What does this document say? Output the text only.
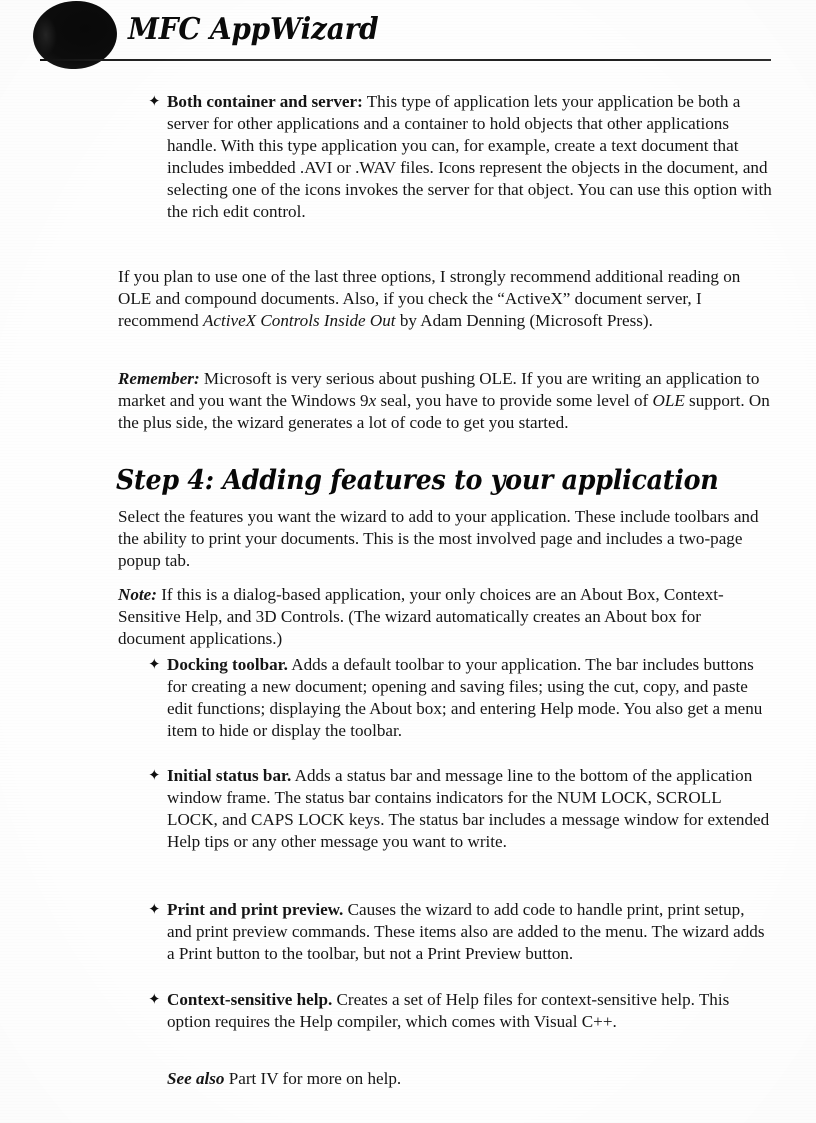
MFC AppWizard
✦ Both container and server: This type of application lets your application be both a server for other applications and a container to hold objects that other applications handle. With this type application you can, for example, create a text document that includes imbedded .AVI or .WAV files. Icons represent the objects in the document, and selecting one of the icons invokes the server for that object. You can use this option with the rich edit control.
If you plan to use one of the last three options, I strongly recommend additional reading on OLE and compound documents. Also, if you check the “ActiveX” document server, I recommend ActiveX Controls Inside Out by Adam Denning (Microsoft Press).
Remember: Microsoft is very serious about pushing OLE. If you are writing an application to market and you want the Windows 9x seal, you have to provide some level of OLE support. On the plus side, the wizard generates a lot of code to get you started.
Step 4: Adding features to your application
Select the features you want the wizard to add to your application. These include toolbars and the ability to print your documents. This is the most involved page and includes a two-page popup tab.
Note: If this is a dialog-based application, your only choices are an About Box, Context-Sensitive Help, and 3D Controls. (The wizard automatically creates an About box for document applications.)
✦ Docking toolbar. Adds a default toolbar to your application. The bar includes buttons for creating a new document; opening and saving files; using the cut, copy, and paste edit functions; displaying the About box; and entering Help mode. You also get a menu item to hide or display the toolbar.
✦ Initial status bar. Adds a status bar and message line to the bottom of the application window frame. The status bar contains indicators for the NUM LOCK, SCROLL LOCK, and CAPS LOCK keys. The status bar includes a message window for extended Help tips or any other message you want to write.
✦ Print and print preview. Causes the wizard to add code to handle print, print setup, and print preview commands. These items also are added to the menu. The wizard adds a Print button to the toolbar, but not a Print Preview button.
✦ Context-sensitive help. Creates a set of Help files for context-sensitive help. This option requires the Help compiler, which comes with Visual C++.
See also Part IV for more on help.
